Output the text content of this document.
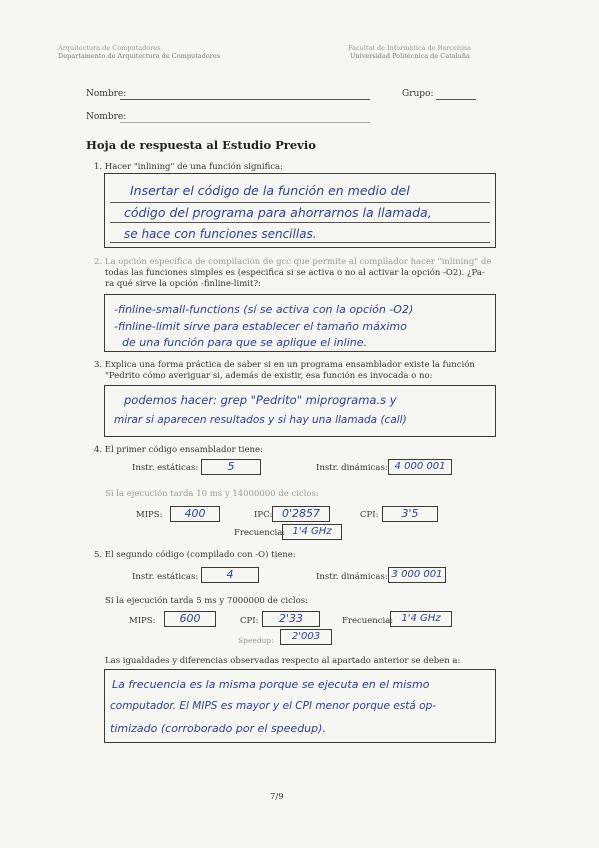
Arquitectura de Computadores
Departamento de Arquitectura de Computadores
Facultat de Informàtica de Barcelona
Universidad Politécnica de Cataluña
Nombre:	Grupo:
Nombre:
Hoja de respuesta al Estudio Previo
1. Hacer "inlining" de una función significa:
Insertar el código de la función en medio del
código del programa para ahorrarnos la llamada,
se hace con funciones sencillas.
2. La opción específica de compilación de gcc que permite al compilador hacer "inlining" de
todas las funciones simples es (especifica si se activa o no al activar la opción -O2). ¿Pa-
ra qué sirve la opción -finline-limit?:
-finline-small-functions (sí se activa con la opción -O2)
-finline-limit sirve para establecer el tamaño máximo
de una función para que se aplique el inline.
3. Explica una forma práctica de saber si en un programa ensamblador existe la función
"Pedrito cómo averiguar si, además de existir, esa función es invocada o no:
podemos hacer: grep "Pedrito" miprograma.s y
mirar si aparecen resultados y si hay una llamada (call)
4. El primer código ensamblador tiene:
Instr. estáticas:	5	Instr. dinámicas: 4 000 001
Si la ejecución tarda 10 ms y 14000000 de ciclos:
MIPS:	400	IPC: 0'2857	CPI:	3'5
Frecuencia: 1'4 GHz
5. El segundo código (compilado con -O) tiene:
Instr. estáticas:	4	Instr. dinámicas: 3 000 001
Si la ejecución tarda 5 ms y 7000000 de ciclos:
MIPS:	600	CPI:	2'33	Frecuencia: 1'4 GHz
Speedup:	2'003
Las igualdades y diferencias observadas respecto al apartado anterior se deben a:
La frecuencia es la misma porque se ejecuta en el mismo
computador. El MIPS es mayor y el CPI menor porque está op-
timizado (corroborado por el speedup).
7/9
